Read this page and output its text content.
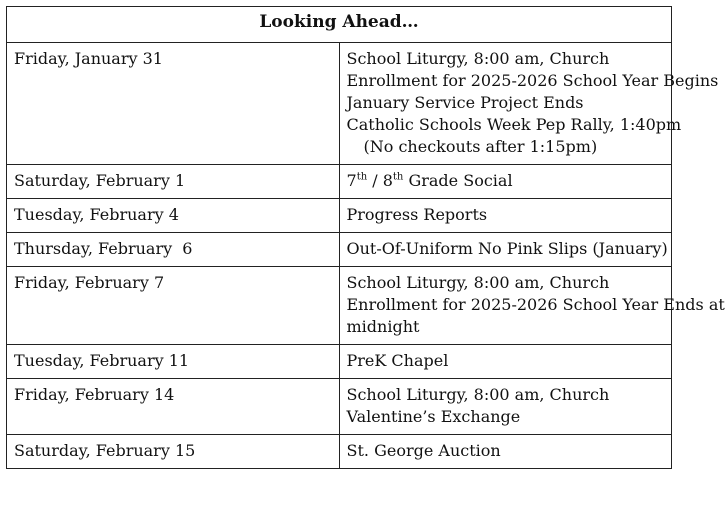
Looking Ahead…	
Friday, January 31	School Liturgy, 8:00 am, Church
Enrollment for 2025-2026 School Year Begins
January Service Project Ends
Catholic Schools Week Pep Rally, 1:40pm
(No checkouts after 1:15pm)

Saturday, February 1	7th / 8th Grade Social

Tuesday, February 4	Progress Reports

Thursday, February  6	Out-Of-Uniform No Pink Slips (January)

Friday, February 7	School Liturgy, 8:00 am, Church
Enrollment for 2025-2026 School Year Ends at
midnight

Tuesday, February 11	PreK Chapel

Friday, February 14	School Liturgy, 8:00 am, Church
Valentine’s Exchange

Saturday, February 15	St. George Auction
